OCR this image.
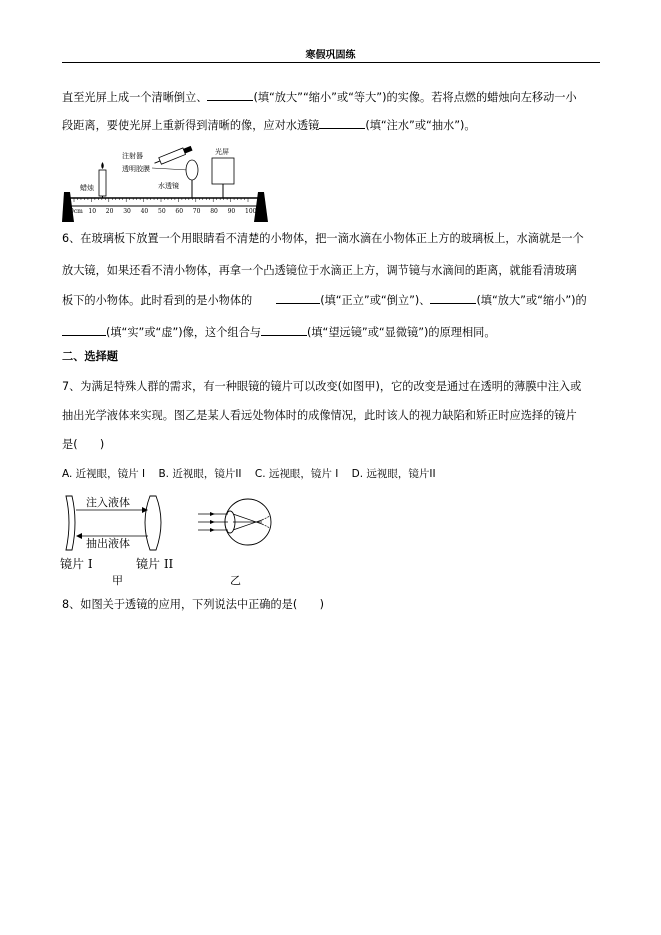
寒假巩固练
直至光屏上成一个清晰倒立、	(填“放大”“缩小”或“等大”)的实像。若将点燃的蜡烛向左移动一小
段距离，要使光屏上重新得到清晰的像，应对水透镜	(填“注水”或“抽水”)。
0cm 10 20 30 40 50 60 70 80 90 100
蜡烛
注射器
透明胶膜
水透镜
光屏
6、在玻璃板下放置一个用眼睛看不清楚的小物体，把一滴水滴在小物体正上方的玻璃板上，水滴就是一个
放大镜，如果还看不清小物体，再拿一个凸透镜位于水滴正上方，调节镜与水滴间的距离，就能看清玻璃
板下的小物体。此时看到的是小物体的	(填“正立”或“倒立”)、	(填“放大”或“缩小”)的
(填“实”或“虚”)像，这个组合与	(填“望远镜”或“显微镜”)的原理相同。
二、选择题
7、为满足特殊人群的需求，有一种眼镜的镜片可以改变(如图甲)，它的改变是通过在透明的薄膜中注入或
抽出光学液体来实现。图乙是某人看远处物体时的成像情况，此时该人的视力缺陷和矫正时应选择的镜片
是(　　)
A. 近视眼，镜片 I B. 近视眼，镜片II C. 远视眼，镜片 I D. 远视眼，镜片II
注入液体
抽出液体
镜片 I	镜片 II
甲	乙
8、如图关于透镜的应用，下列说法中正确的是(　　)
